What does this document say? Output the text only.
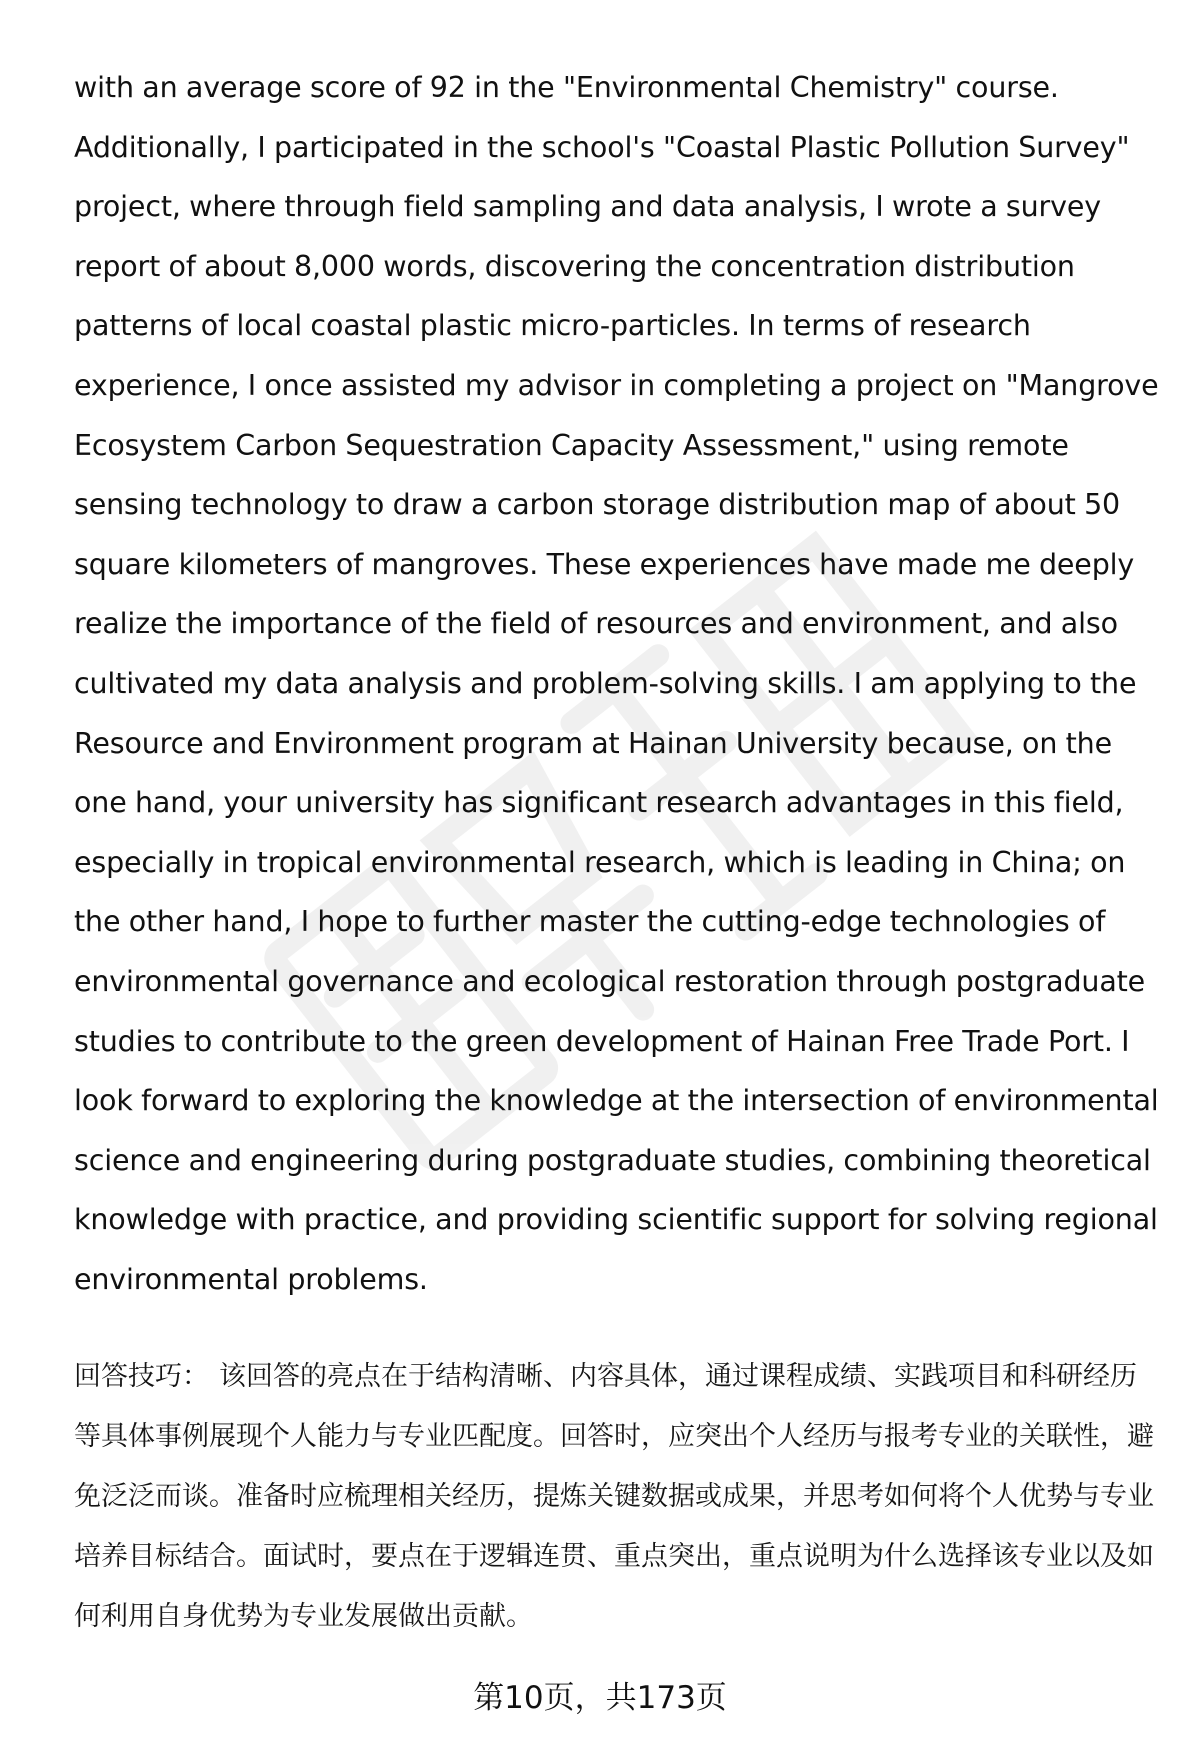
with an average score of 92 in the "Environmental Chemistry" course. Additionally, I participated in the school's "Coastal Plastic Pollution Survey" project, where through field sampling and data analysis, I wrote a survey report of about 8,000 words, discovering the concentration distribution patterns of local coastal plastic micro-particles. In terms of research experience, I once assisted my advisor in completing a project on "Mangrove Ecosystem Carbon Sequestration Capacity Assessment," using remote sensing technology to draw a carbon storage distribution map of about 50 square kilometers of mangroves. These experiences have made me deeply realize the importance of the field of resources and environment, and also cultivated my data analysis and problem-solving skills. I am applying to the Resource and Environment program at Hainan University because, on the one hand, your university has significant research advantages in this field, especially in tropical environmental research, which is leading in China; on the other hand, I hope to further master the cutting-edge technologies of environmental governance and ecological restoration through postgraduate studies to contribute to the green development of Hainan Free Trade Port. I look forward to exploring the knowledge at the intersection of environmental science and engineering during postgraduate studies, combining theoretical knowledge with practice, and providing scientific support for solving regional environmental problems.

回答技巧： 该回答的亮点在于结构清晰、内容具体，通过课程成绩、实践项目和科研经历等具体事例展现个人能力与专业匹配度。回答时，应突出个人经历与报考专业的关联性，避免泛泛而谈。准备时应梳理相关经历，提炼关键数据或成果，并思考如何将个人优势与专业培养目标结合。面试时，要点在于逻辑连贯、重点突出，重点说明为什么选择该专业以及如何利用自身优势为专业发展做出贡献。

第10页，共173页
